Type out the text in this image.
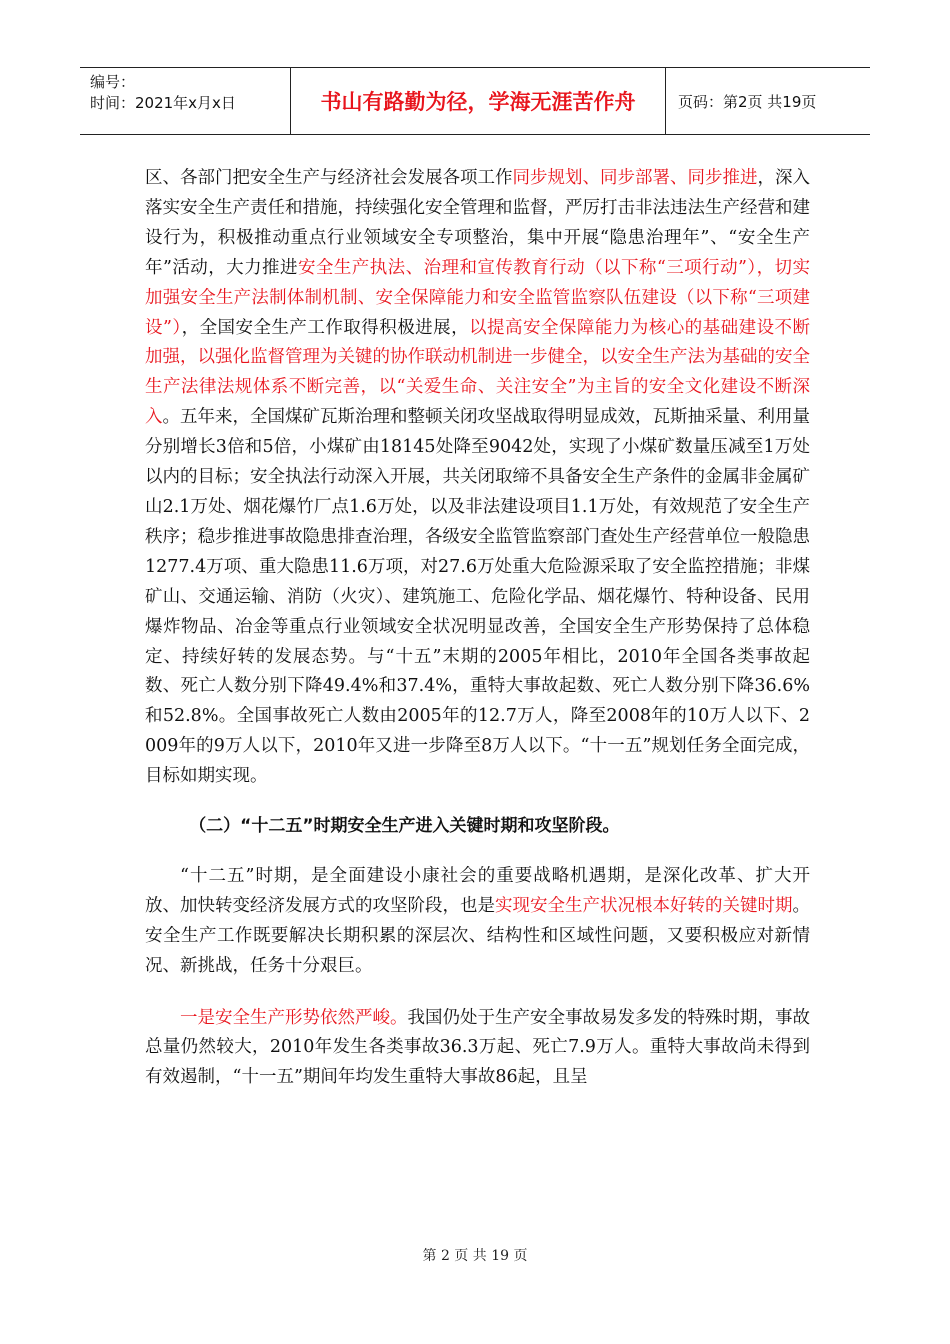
编号：
时间：2021年x月x日	书山有路勤为径，学海无涯苦作舟	页码：第2页 共19页

区、各部门把安全生产与经济社会发展各项工作同步规划、同步部署、同步推进，深入落实安全生产责任和措施，持续强化安全管理和监督，严厉打击非法违法生产经营和建设行为，积极推动重点行业领域安全专项整治，集中开展“隐患治理年”、“安全生产年”活动，大力推进安全生产执法、治理和宣传教育行动（以下称“三项行动”），切实加强安全生产法制体制机制、安全保障能力和安全监管监察队伍建设（以下称“三项建设”），全国安全生产工作取得积极进展，以提高安全保障能力为核心的基础建设不断加强，以强化监督管理为关键的协作联动机制进一步健全，以安全生产法为基础的安全生产法律法规体系不断完善，以“关爱生命、关注安全”为主旨的安全文化建设不断深入。五年来，全国煤矿瓦斯治理和整顿关闭攻坚战取得明显成效，瓦斯抽采量、利用量分别增长3倍和5倍，小煤矿由18145处降至9042处，实现了小煤矿数量压减至1万处以内的目标；安全执法行动深入开展，共关闭取缔不具备安全生产条件的金属非金属矿山2.1万处、烟花爆竹厂点1.6万处，以及非法建设项目1.1万处，有效规范了安全生产秩序；稳步推进事故隐患排查治理，各级安全监管监察部门查处生产经营单位一般隐患1277.4万项、重大隐患11.6万项，对27.6万处重大危险源采取了安全监控措施；非煤矿山、交通运输、消防（火灾）、建筑施工、危险化学品、烟花爆竹、特种设备、民用爆炸物品、冶金等重点行业领域安全状况明显改善，全国安全生产形势保持了总体稳定、持续好转的发展态势。与“十五”末期的2005年相比，2010年全国各类事故起数、死亡人数分别下降49.4%和37.4%，重特大事故起数、死亡人数分别下降36.6%和52.8%。全国事故死亡人数由2005年的12.7万人，降至2008年的10万人以下、2009年的9万人以下，2010年又进一步降至8万人以下。“十一五”规划任务全面完成，目标如期实现。

（二）“十二五”时期安全生产进入关键时期和攻坚阶段。

“十二五”时期，是全面建设小康社会的重要战略机遇期，是深化改革、扩大开放、加快转变经济发展方式的攻坚阶段，也是实现安全生产状况根本好转的关键时期。安全生产工作既要解决长期积累的深层次、结构性和区域性问题，又要积极应对新情况、新挑战，任务十分艰巨。

一是安全生产形势依然严峻。我国仍处于生产安全事故易发多发的特殊时期，事故总量仍然较大，2010年发生各类事故36.3万起、死亡7.9万人。重特大事故尚未得到有效遏制，“十一五”期间年均发生重特大事故86起，且呈

第 2 页 共 19 页
